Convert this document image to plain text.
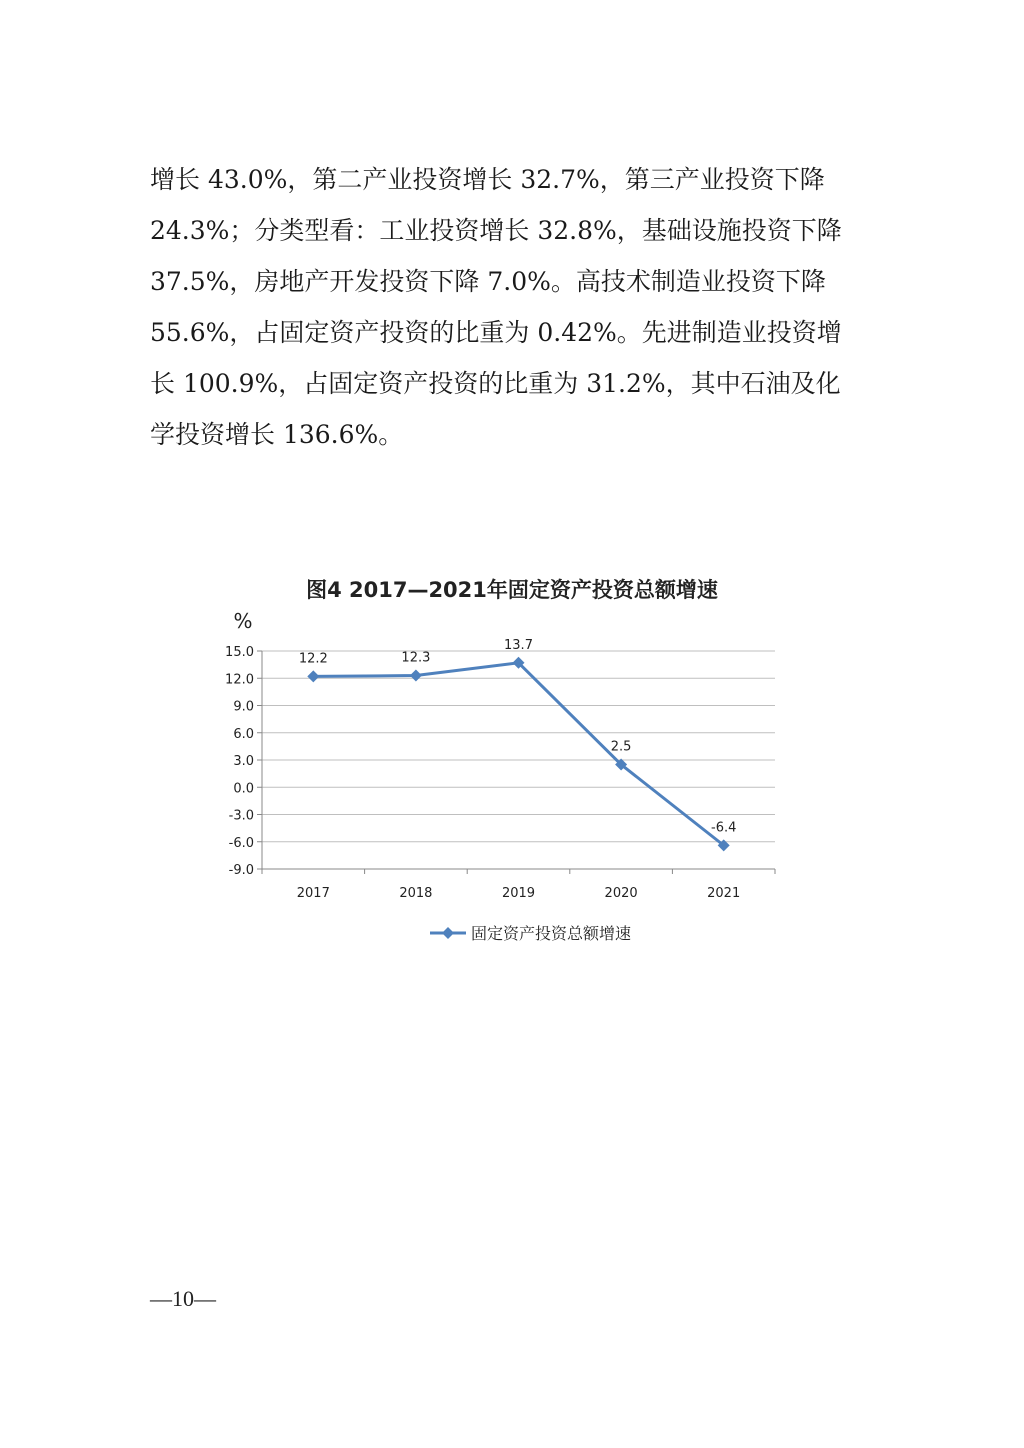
增长 43.0%，第二产业投资增长 32.7%，第三产业投资下降
24.3%；分类型看：工业投资增长 32.8%，基础设施投资下降
37.5%，房地产开发投资下降 7.0%。高技术制造业投资下降
55.6%，占固定资产投资的比重为 0.42%。先进制造业投资增
长 100.9%，占固定资产投资的比重为 31.2%，其中石油及化
学投资增长 136.6%。
图4 2017—2021年固定资产投资总额增速
%
15.0
12.0
9.0
6.0
3.0
0.0
-3.0
-6.0
-9.0
2017	2018	2019	2020	2021
12.2	12.3
13.7
2.5
-6.4
固定资产投资总额增速
—10—
